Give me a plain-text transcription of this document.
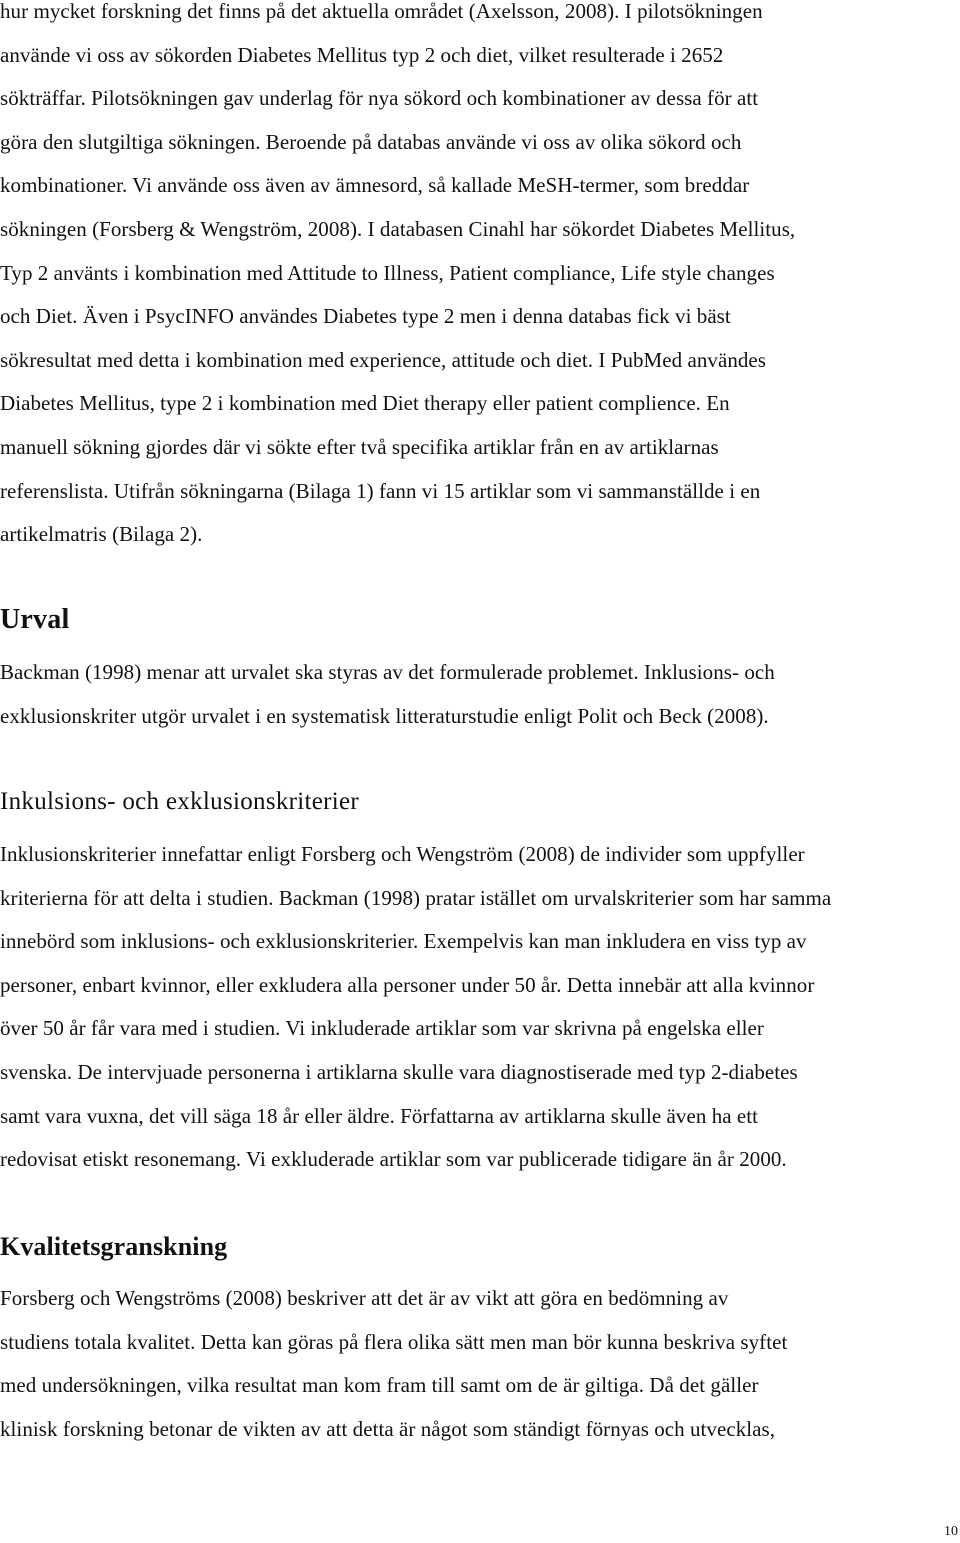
hur mycket forskning det finns på det aktuella området (Axelsson, 2008). I pilotsökningen
använde vi oss av sökorden Diabetes Mellitus typ 2 och diet, vilket resulterade i 2652
sökträffar. Pilotsökningen gav underlag för nya sökord och kombinationer av dessa för att
göra den slutgiltiga sökningen. Beroende på databas använde vi oss av olika sökord och
kombinationer. Vi använde oss även av ämnesord, så kallade MeSH-termer, som breddar
sökningen (Forsberg & Wengström, 2008). I databasen Cinahl har sökordet Diabetes Mellitus,
Typ 2 använts i kombination med Attitude to Illness, Patient compliance, Life style changes
och Diet. Även i PsycINFO användes Diabetes type 2 men i denna databas fick vi bäst
sökresultat med detta i kombination med experience, attitude och diet. I PubMed användes
Diabetes Mellitus, type 2 i kombination med Diet therapy eller patient complience. En
manuell sökning gjordes där vi sökte efter två specifika artiklar från en av artiklarnas
referenslista. Utifrån sökningarna (Bilaga 1) fann vi 15 artiklar som vi sammanställde i en
artikelmatris (Bilaga 2).

Urval

Backman (1998) menar att urvalet ska styras av det formulerade problemet. Inklusions- och
exklusionskriter utgör urvalet i en systematisk litteraturstudie enligt Polit och Beck (2008).

Inkulsions- och exklusionskriterier

Inklusionskriterier innefattar enligt Forsberg och Wengström (2008) de individer som uppfyller
kriterierna för att delta i studien. Backman (1998) pratar istället om urvalskriterier som har samma
innebörd som inklusions- och exklusionskriterier. Exempelvis kan man inkludera en viss typ av
personer, enbart kvinnor, eller exkludera alla personer under 50 år. Detta innebär att alla kvinnor
över 50 år får vara med i studien. Vi inkluderade artiklar som var skrivna på engelska eller
svenska. De intervjuade personerna i artiklarna skulle vara diagnostiserade med typ 2-diabetes
samt vara vuxna, det vill säga 18 år eller äldre. Författarna av artiklarna skulle även ha ett
redovisat etiskt resonemang. Vi exkluderade artiklar som var publicerade tidigare än år 2000.

Kvalitetsgranskning

Forsberg och Wengströms (2008) beskriver att det är av vikt att göra en bedömning av
studiens totala kvalitet. Detta kan göras på flera olika sätt men man bör kunna beskriva syftet
med undersökningen, vilka resultat man kom fram till samt om de är giltiga. Då det gäller
klinisk forskning betonar de vikten av att detta är något som ständigt förnyas och utvecklas,

10
